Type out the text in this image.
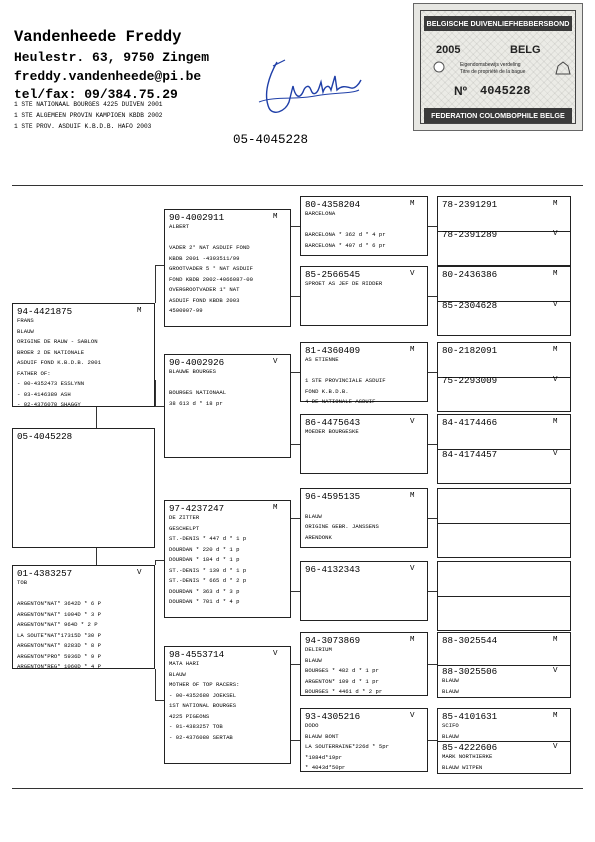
Vandenheede Freddy
Heulestr. 63, 9750 Zingem
freddy.vandenheede@pi.be
tel/fax: 09/384.75.29
1 STE NATIONAAL BOURGES 4225 DUIVEN 2001
1 STE ALGEMEEN PROVIN KAMPIOEN KBDB 2002
1 STE PROV. ASDUIF K.B.D.B. HAFO 2003
05-4045228
BELGISCHE DUIVENLIEFHEBBERSBOND
2005	BELG
Eigendomsbewijs verdeling
Titre de propriété de la bague
Nº 4045228
FEDERATION COLOMBOPHILE BELGE
05-4045228
94-4421875	M
FRANS
BLAUW
ORIGINE DE RAUW - SABLON
BROER 2 DE NATIONALE
ASDUIF FOND K.B.D.B. 2001
FATHER OF:
- 00-4352473 ESSLYNN
- 03-4146389 ASH
- 02-4376070 SHAGGY
01-4383257	V
TOB
ARGENTON*NAT* 3642D * 6 P
ARGENTON*NAT* 1004D * 3 P
ARGENTON*NAT* 964D * 2 P
LA SOUTE*NAT*17315D *30 P
ARGENTON*NAT* 8283D * 8 P
ARGENTON*PRO* 5936D * 9 P
ARGENTON*REG* 1060D * 4 P
90-4002911	M
ALBERT
VADER 2° NAT ASDUIF FOND
KBDB 2001 -4393511/99
GROOTVADER 5 ° NAT ASDUIF
FOND KBDB 2002-4066087-00
OVERGROOTVADER 1° NAT
ASDUIF FOND KBDB 2003
4500907-99
90-4002926	V
BLAUWE BOURGES
BOURGES NATIONAAL
38 613 d * 18 pr
97-4237247	M
DE ZITTER
GESCHELPT
ST.-DENIS * 447 d * 1 p
DOURDAN * 220 d * 1 p
DOURDAN * 184 d * 1 p
ST.-DENIS * 139 d * 1 p
ST.-DENIS * 665 d * 2 p
DOURDAN * 363 d * 3 p
DOURDAN * 701 d * 4 p
98-4553714	V
MATA HARI
BLAUW
MOTHER OF TOP RACERS:
- 00-4352680 JOEKSEL
1ST NATIONAL BOURGES
4225 PIGEONS
- 01-4383257 TOB
- 02-4376080 SERTAB
80-4358204	M
BARCELONA
BARCELONA * 362 d * 4 pr
BARCELONA * 407 d * 6 pr
85-2566545	V
SPROET AS JEF DE RIDDER
81-4360409	M
AS ETIENNE
1 STE PROVINCIALE ASDUIF
FOND K.B.D.B.
4 DE NATIONALE ASDUIF
86-4475643	V
MOEDER BOURGESKE
96-4595135	M
BLAUW
ORIGINE GEBR. JANSSENS
ARENDONK
96-4132343	V
94-3073869	M
DELIRIUM
BLAUW
BOURGES * 482 d * 1 pr
ARGENTON* 109 d * 1 pr
BOURGES * 4461 d * 2 pr
93-4305216	V
DODO
BLAUW BONT
LA SOUTERRAINE*226d * 5pr
*1084d*19pr
* 4043d*50pr
78-2391291	M
78-2391289	V
80-2436386	M
85-2304628	V
80-2182091	M
75-2293009	V
84-4174466	M
84-4174457	V
88-3025544	M
88-3025506	V
BLAUW
BLAUW
85-4101631	M
SCIFO
BLAUW
85-4222606	V
MARK NORTHIERKE
BLAUW WITPEN
